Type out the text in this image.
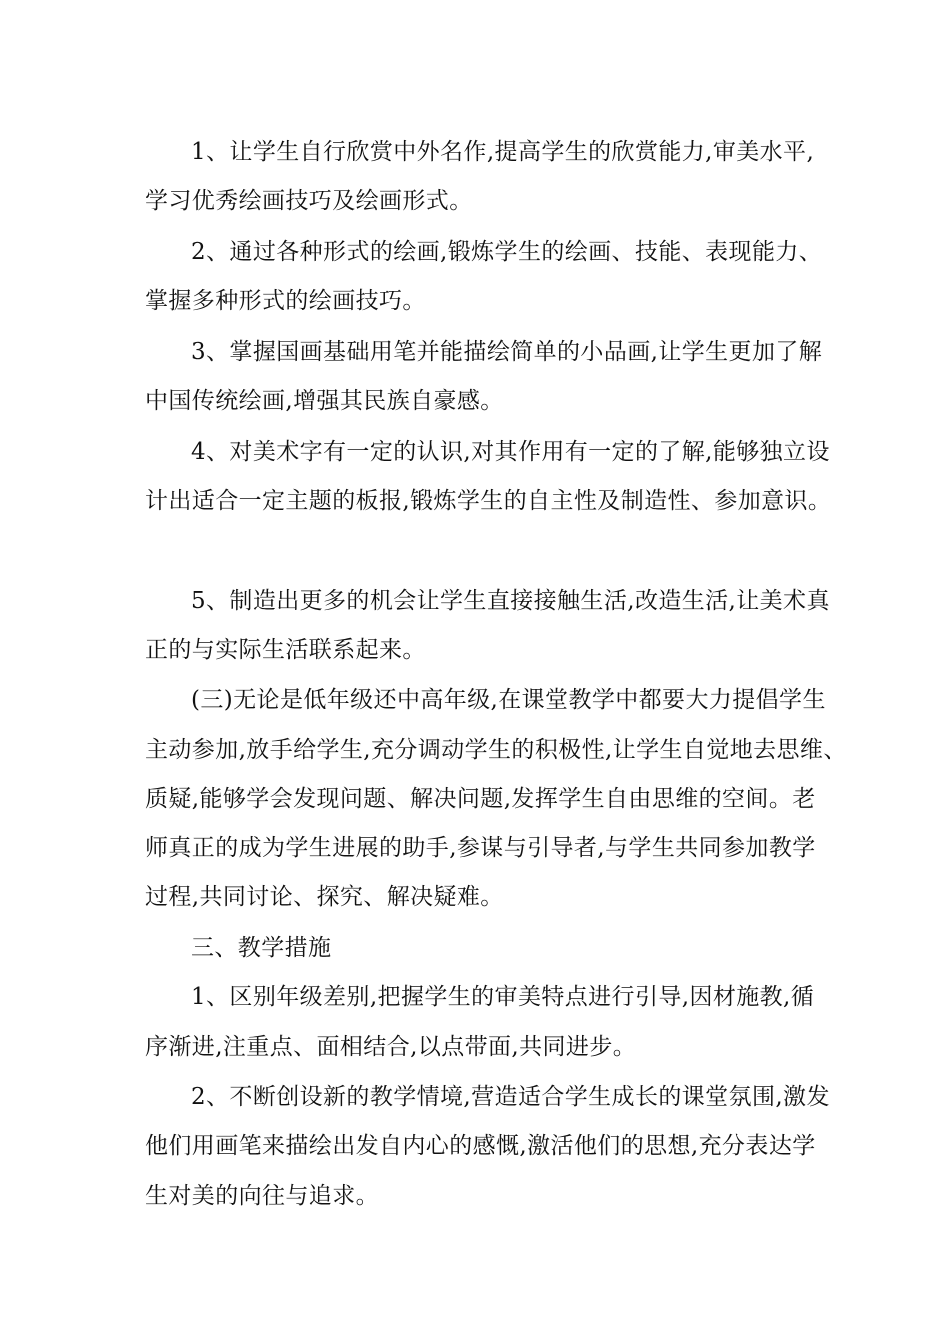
1、让学生自行欣赏中外名作,提高学生的欣赏能力,审美水平,
学习优秀绘画技巧及绘画形式。
2、通过各种形式的绘画,锻炼学生的绘画、技能、表现能力、
掌握多种形式的绘画技巧。
3、掌握国画基础用笔并能描绘简单的小品画,让学生更加了解
中国传统绘画,增强其民族自豪感。
4、对美术字有一定的认识,对其作用有一定的了解,能够独立设
计出适合一定主题的板报,锻炼学生的自主性及制造性、参加意识。
5、制造出更多的机会让学生直接接触生活,改造生活,让美术真
正的与实际生活联系起来。
(三)无论是低年级还中高年级,在课堂教学中都要大力提倡学生
主动参加,放手给学生,充分调动学生的积极性,让学生自觉地去思维、
质疑,能够学会发现问题、解决问题,发挥学生自由思维的空间。老
师真正的成为学生进展的助手,参谋与引导者,与学生共同参加教学
过程,共同讨论、探究、解决疑难。
三、教学措施
1、区别年级差别,把握学生的审美特点进行引导,因材施教,循
序渐进,注重点、面相结合,以点带面,共同进步。
2、不断创设新的教学情境,营造适合学生成长的课堂氛围,激发
他们用画笔来描绘出发自内心的感慨,激活他们的思想,充分表达学
生对美的向往与追求。
